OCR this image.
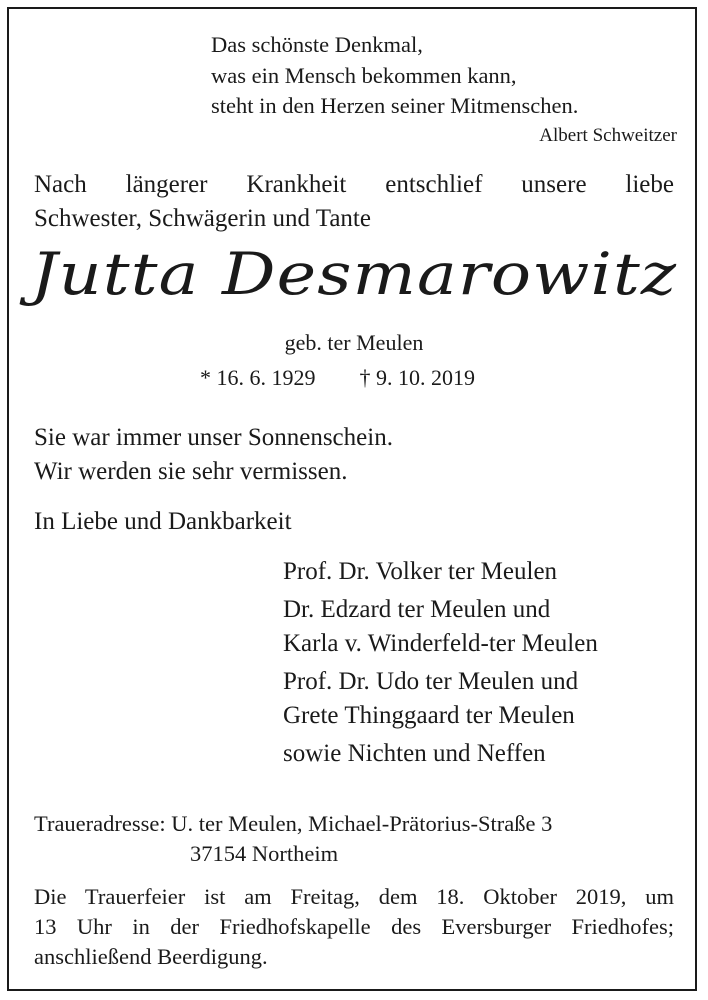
Das schönste Denkmal,
was ein Mensch bekommen kann,
steht in den Herzen seiner Mitmenschen.
Albert Schweitzer
Nach längerer Krankheit entschlief unsere liebe
Schwester, Schwägerin und Tante
Jutta Desmarowitz
geb. ter Meulen
* 16. 6. 1929 † 9. 10. 2019
Sie war immer unser Sonnenschein.
Wir werden sie sehr vermissen.
In Liebe und Dankbarkeit
Prof. Dr. Volker ter Meulen
Dr. Edzard ter Meulen und
Karla v. Winderfeld-ter Meulen
Prof. Dr. Udo ter Meulen und
Grete Thinggaard ter Meulen
sowie Nichten und Neffen
Traueradresse: U. ter Meulen, Michael-Prätorius-Straße 3
37154 Northeim
Die Trauerfeier ist am Freitag, dem 18. Oktober 2019, um
13 Uhr in der Friedhofskapelle des Eversburger Friedhofes;
anschließend Beerdigung.
